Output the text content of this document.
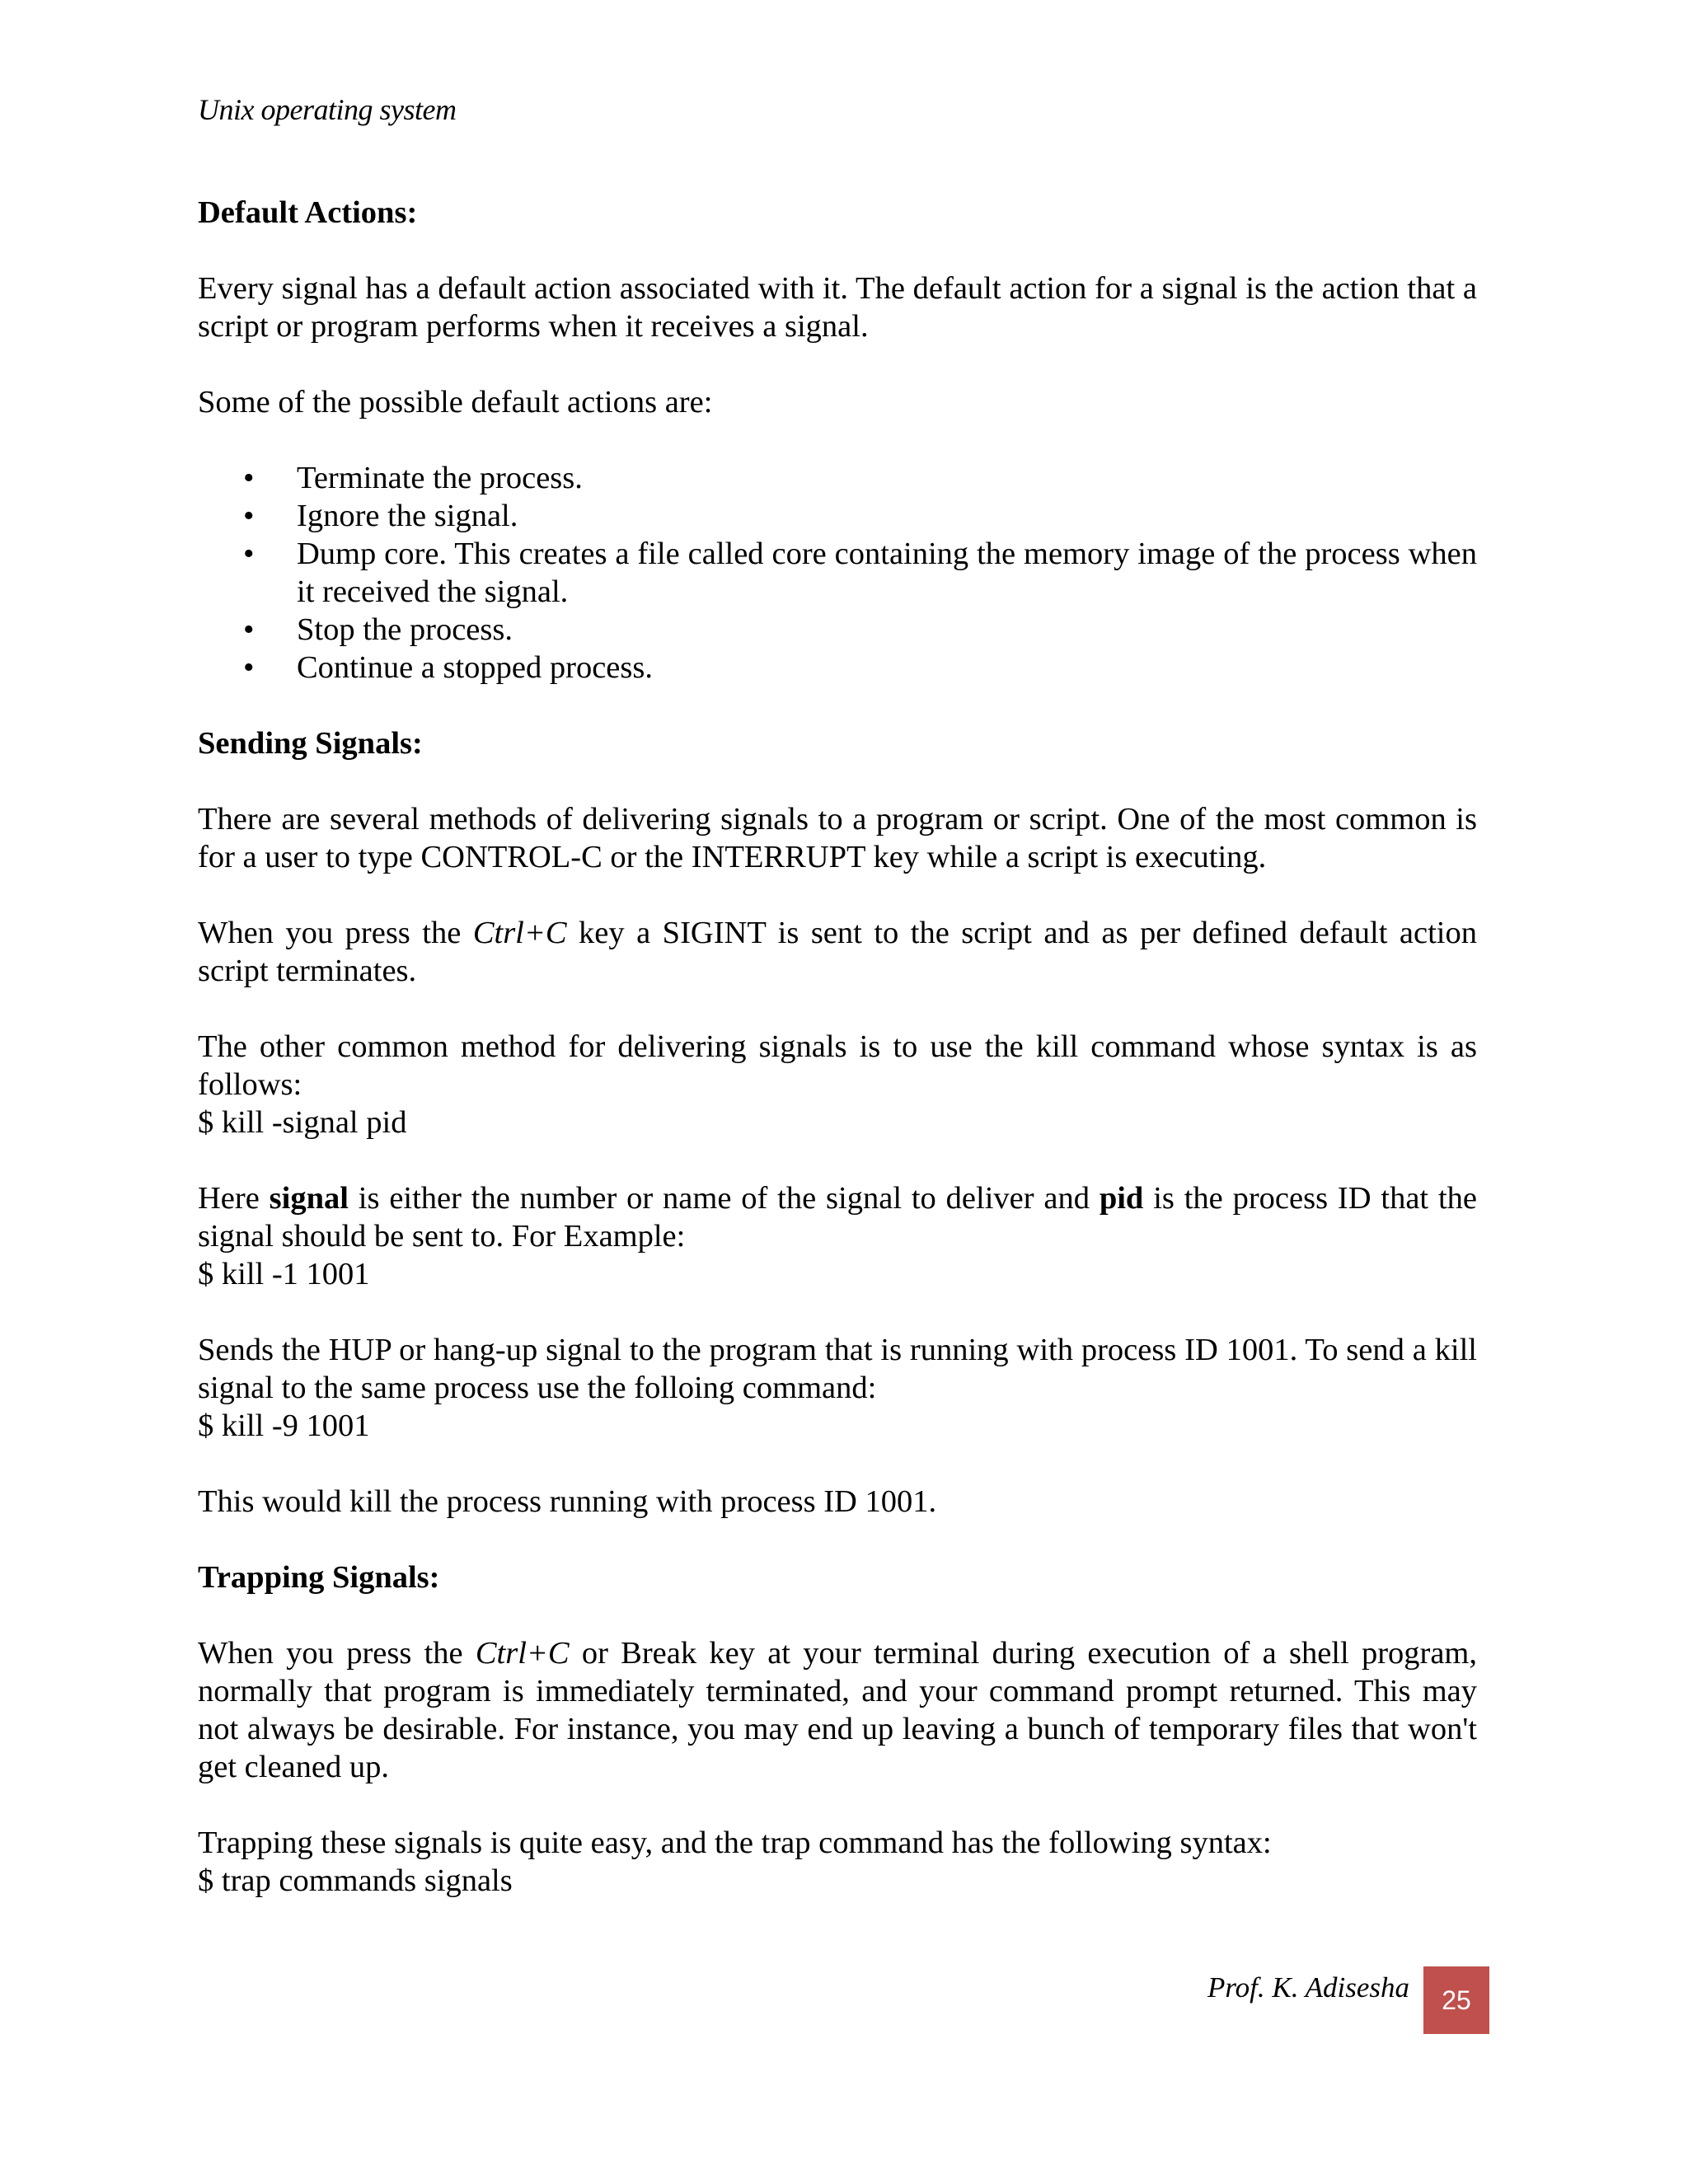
Unix operating system
Default Actions:

Every signal has a default action associated with it. The default action for a signal is the action that a script or program performs when it receives a signal.

Some of the possible default actions are:

• Terminate the process.
• Ignore the signal.
• Dump core. This creates a file called core containing the memory image of the process when it received the signal.
• Stop the process.
• Continue a stopped process.
Sending Signals:

There are several methods of delivering signals to a program or script. One of the most common is for a user to type CONTROL-C or the INTERRUPT key while a script is executing.

When you press the Ctrl+C key a SIGINT is sent to the script and as per defined default action script terminates.

The other common method for delivering signals is to use the kill command whose syntax is as follows:
$ kill -signal pid

Here signal is either the number or name of the signal to deliver and pid is the process ID that the signal should be sent to. For Example:
$ kill -1 1001

Sends the HUP or hang-up signal to the program that is running with process ID 1001. To send a kill signal to the same process use the folloing command:
$ kill -9 1001

This would kill the process running with process ID 1001.

Trapping Signals:

When you press the Ctrl+C or Break key at your terminal during execution of a shell program, normally that program is immediately terminated, and your command prompt returned. This may not always be desirable. For instance, you may end up leaving a bunch of temporary files that won't get cleaned up.

Trapping these signals is quite easy, and the trap command has the following syntax:
$ trap commands signals

Prof. K. Adisesha	25
